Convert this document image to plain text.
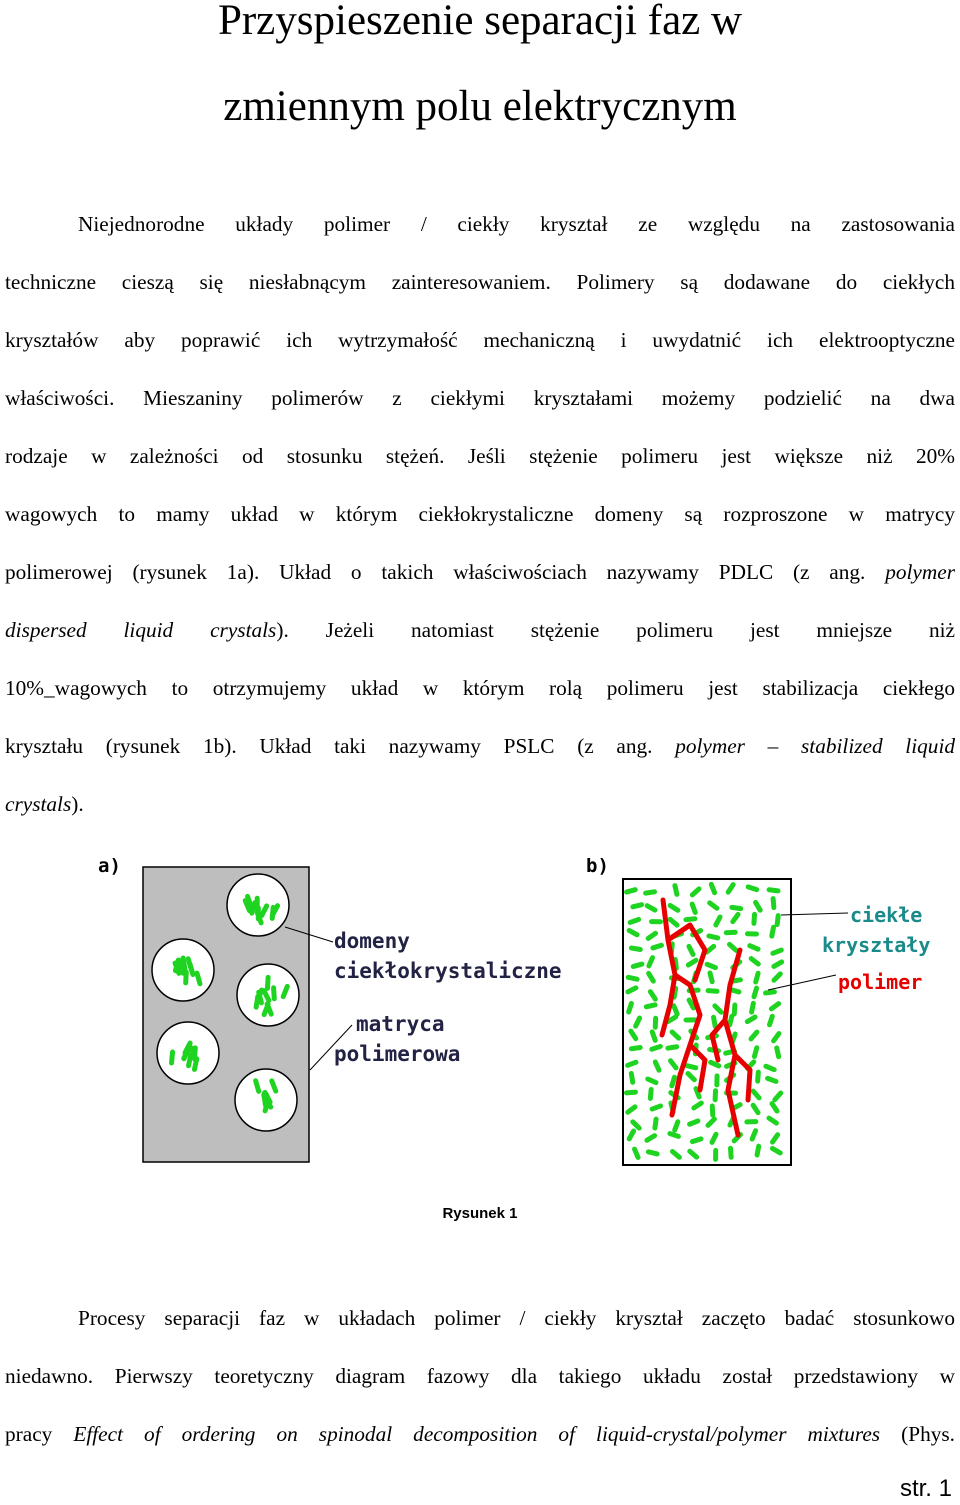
Przyspieszenie separacji faz w
zmiennym polu elektrycznym
Niejednorodne układy polimer / ciekły kryształ ze względu na zastosowania
techniczne cieszą się niesłabnącym zainteresowaniem. Polimery są dodawane do ciekłych
kryształów aby poprawić ich wytrzymałość mechaniczną i uwydatnić ich elektrooptyczne
właściwości. Mieszaniny polimerów z ciekłymi kryształami możemy podzielić na dwa
rodzaje w zależności od stosunku stężeń. Jeśli stężenie polimeru jest większe niż 20%
wagowych to mamy układ w którym ciekłokrystaliczne domeny są rozproszone w matrycy
polimerowej (rysunek 1a). Układ o takich właściwościach nazywamy PDLC (z ang. polymer
dispersed liquid crystals). Jeżeli natomiast stężenie polimeru jest mniejsze niż
10%_wagowych to otrzymujemy układ w którym rolą polimeru jest stabilizacja ciekłego
kryształu (rysunek 1b). Układ taki nazywamy PSLC (z ang. polymer – stabilized liquid
crystals).
a)
domeny
ciekłokrystaliczne
matryca
polimerowa
b)
ciekłe
kryształy
polimer
Rysunek 1
Procesy separacji faz w układach polimer / ciekły kryształ zaczęto badać stosunkowo
niedawno. Pierwszy teoretyczny diagram fazowy dla takiego układu został przedstawiony w
pracy Effect of ordering on spinodal decomposition of liquid-crystal/polymer mixtures (Phys.
str. 1
